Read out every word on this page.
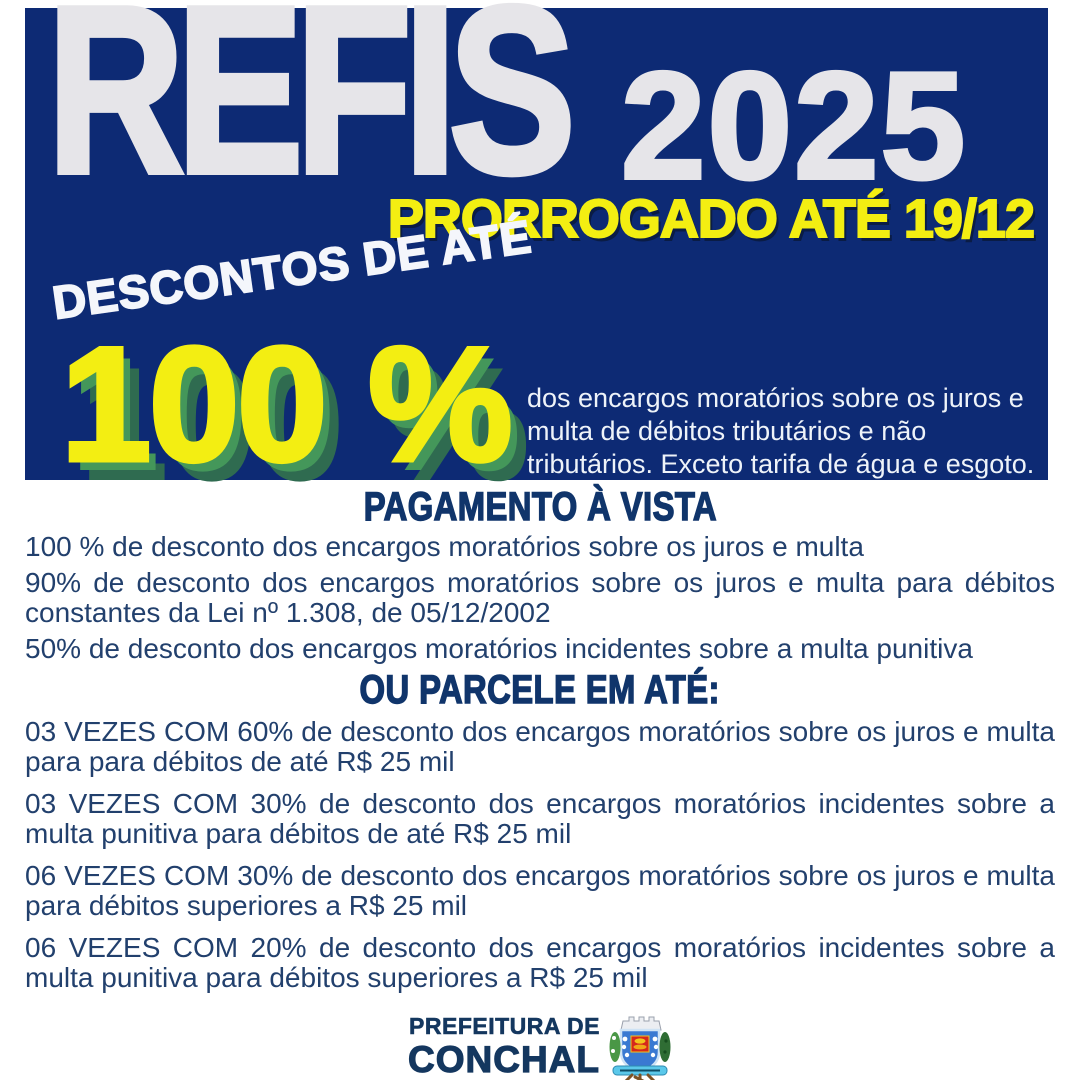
REFIS 2025
PRORROGADO ATÉ 19/12
DESCONTOS DE ATÉ
100 % dos encargos moratórios sobre os juros e multa de débitos tributários e não tributários. Exceto tarifa de água e esgoto.
PAGAMENTO À VISTA

100 % de desconto dos encargos moratórios sobre os juros e multa

90% de desconto dos encargos moratórios sobre os juros e multa para débitos constantes da Lei nº 1.308, de 05/12/2002

50% de desconto dos encargos moratórios incidentes sobre a multa punitiva

OU PARCELE EM ATÉ:

03 VEZES COM 60% de desconto dos encargos moratórios sobre os juros e multa para para débitos de até R$ 25 mil

03 VEZES COM 30% de desconto dos encargos moratórios incidentes sobre a multa punitiva para débitos de até R$ 25 mil

06 VEZES COM 30% de desconto dos encargos moratórios sobre os juros e multa para débitos superiores a R$ 25 mil

06 VEZES COM 20% de desconto dos encargos moratórios incidentes sobre a multa punitiva para débitos superiores a R$ 25 mil

PREFEITURA DE
CONCHAL
